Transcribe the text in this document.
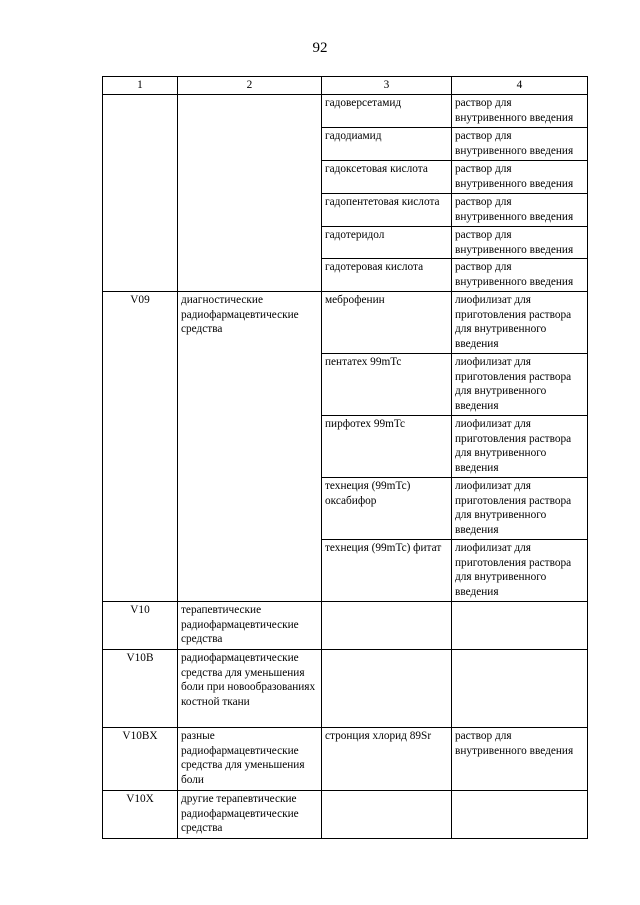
92
1	2	3	4
		гадоверсетамид	раствор для внутривенного введения
		гадодиамид	раствор для внутривенного введения
		гадоксетовая кислота	раствор для внутривенного введения
		гадопентетовая кислота	раствор для внутривенного введения
		гадотеридол	раствор для внутривенного введения
		гадотеровая кислота	раствор для внутривенного введения
V09	диагностические радиофармацевтические средства	меброфенин	лиофилизат для приготовления раствора для внутривенного введения
		пентатех 99mTc	лиофилизат для приготовления раствора для внутривенного введения
		пирфотех 99mTc	лиофилизат для приготовления раствора для внутривенного введения
		технеция (99mTc) оксабифор	лиофилизат для приготовления раствора для внутривенного введения
		технеция (99mTc) фитат	лиофилизат для приготовления раствора для внутривенного введения
V10	терапевтические радиофармацевтические средства		
V10B	радиофармацевтические средства для уменьшения боли при новообразованиях костной ткани		
V10BX	разные радиофармацевтические средства для уменьшения боли	стронция хлорид 89Sr	раствор для внутривенного введения
V10X	другие терапевтические радиофармацевтические средства		
